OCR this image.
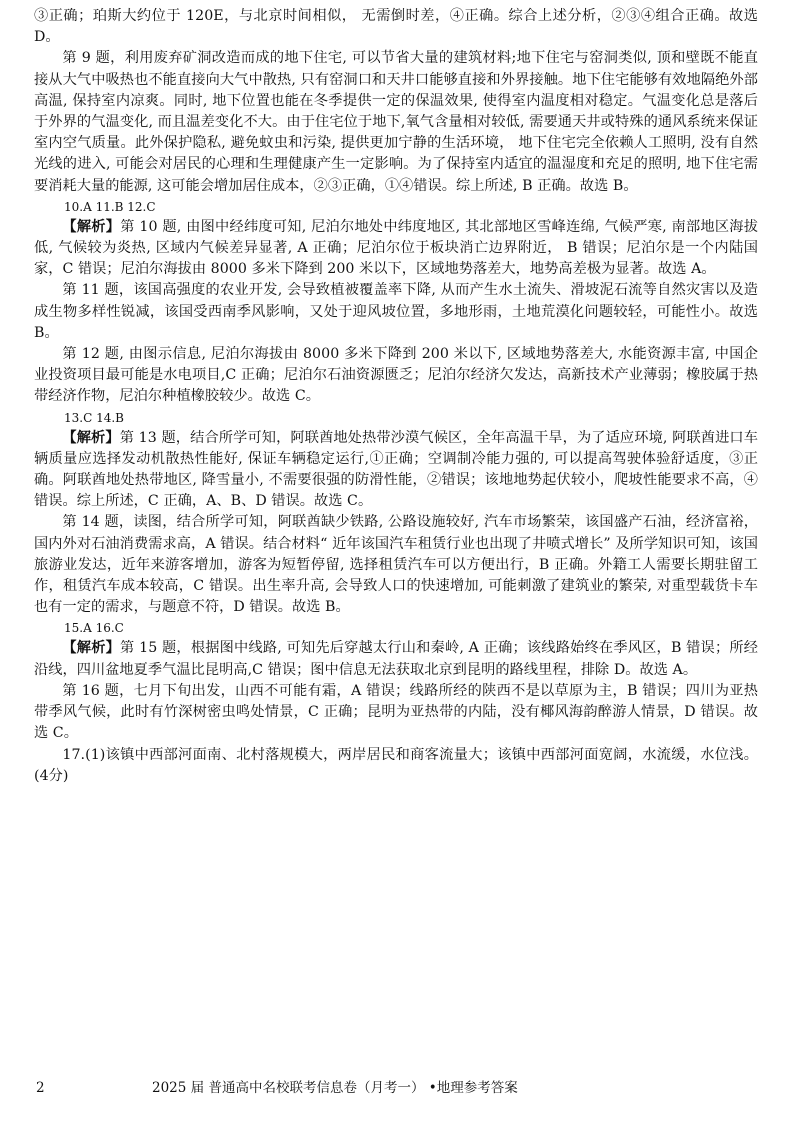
③正确；珀斯大约位于 120E，与北京时间相似， 无需倒时差，④正确。综合上述分析，②③④组合正确。故选 D。

第 9 题，利用废弃矿洞改造而成的地下住宅, 可以节省大量的建筑材料;地下住宅与窑洞类似, 顶和壁既不能直接从大气中吸热也不能直接向大气中散热, 只有窑洞口和天井口能够直接和外界接触。地下住宅能够有效地隔绝外部高温, 保持室内凉爽。同时, 地下位置也能在冬季提供一定的保温效果, 使得室内温度相对稳定。气温变化总是落后于外界的气温变化, 而且温差变化不大。由于住宅位于地下,氧气含量相对较低, 需要通天井或特殊的通风系统来保证室内空气质量。此外保护隐私, 避免蚊虫和污染, 提供更加宁静的生活环境， 地下住宅完全依赖人工照明, 没有自然光线的进入, 可能会对居民的心理和生理健康产生一定影响。为了保持室内适宜的温湿度和充足的照明, 地下住宅需要消耗大量的能源, 这可能会增加居住成本，②③正确，①④错误。综上所述, B 正确。故选 B。

10.A 11.B 12.C

【解析】第 10 题, 由图中经纬度可知, 尼泊尔地处中纬度地区, 其北部地区雪峰连绵, 气候严寒, 南部地区海拔低, 气候较为炎热, 区域内气候差异显著, A 正确；尼泊尔位于板块消亡边界附近， B 错误；尼泊尔是一个内陆国家，C 错误；尼泊尔海拔由 8000 多米下降到 200 米以下，区域地势落差大，地势高差极为显著。故选 A。

第 11 题，该国高强度的农业开发, 会导致植被覆盖率下降, 从而产生水土流失、滑坡泥石流等自然灾害以及造成生物多样性锐减，该国受西南季风影响，又处于迎风坡位置，多地形雨，土地荒漠化问题较轻，可能性小。故选 B。

第 12 题, 由图示信息, 尼泊尔海拔由 8000 多米下降到 200 米以下, 区域地势落差大, 水能资源丰富, 中国企业投资项目最可能是水电项目,C 正确；尼泊尔石油资源匮乏；尼泊尔经济欠发达，高新技术产业薄弱；橡胶属于热带经济作物，尼泊尔种植橡胶较少。故选 C。

13.C 14.B

【解析】第 13 题，结合所学可知，阿联酋地处热带沙漠气候区，全年高温干旱，为了适应环境, 阿联酋进口车辆质量应选择发动机散热性能好, 保证车辆稳定运行,①正确；空调制冷能力强的, 可以提高驾驶体验舒适度，③正确。阿联酋地处热带地区, 降雪量小, 不需要很强的防滑性能，②错误；该地地势起伏较小，爬坡性能要求不高，④错误。综上所述，C 正确，A、B、D 错误。故选 C。

第 14 题，读图，结合所学可知，阿联酋缺少铁路, 公路设施较好, 汽车市场繁荣，该国盛产石油，经济富裕，国内外对石油消费需求高，A 错误。结合材料“ 近年该国汽车租赁行业也出现了井喷式增长” 及所学知识可知，该国旅游业发达，近年来游客增加，游客为短暂停留, 选择租赁汽车可以方便出行，B 正确。外籍工人需要长期驻留工作，租赁汽车成本较高，C 错误。出生率升高, 会导致人口的快速增加, 可能刺激了建筑业的繁荣, 对重型载货卡车也有一定的需求，与题意不符，D 错误。故选 B。

15.A 16.C

【解析】第 15 题，根据图中线路, 可知先后穿越太行山和秦岭, A 正确；该线路始终在季风区，B 错误；所经沿线，四川盆地夏季气温比昆明高,C 错误；图中信息无法获取北京到昆明的路线里程，排除 D。故选 A。

第 16 题，七月下旬出发，山西不可能有霜，A 错误；线路所经的陕西不是以草原为主，B 错误；四川为亚热带季风气候，此时有竹深树密虫鸣处情景，C 正确；昆明为亚热带的内陆，没有椰风海韵醉游人情景，D 错误。故选 C。

17.(1)该镇中西部河面南、北村落规模大，两岸居民和商客流量大；该镇中西部河面宽阔，水流缓，水位浅。(4分)

2	2025 届 普通高中名校联考信息卷（月考一） •地理参考答案
